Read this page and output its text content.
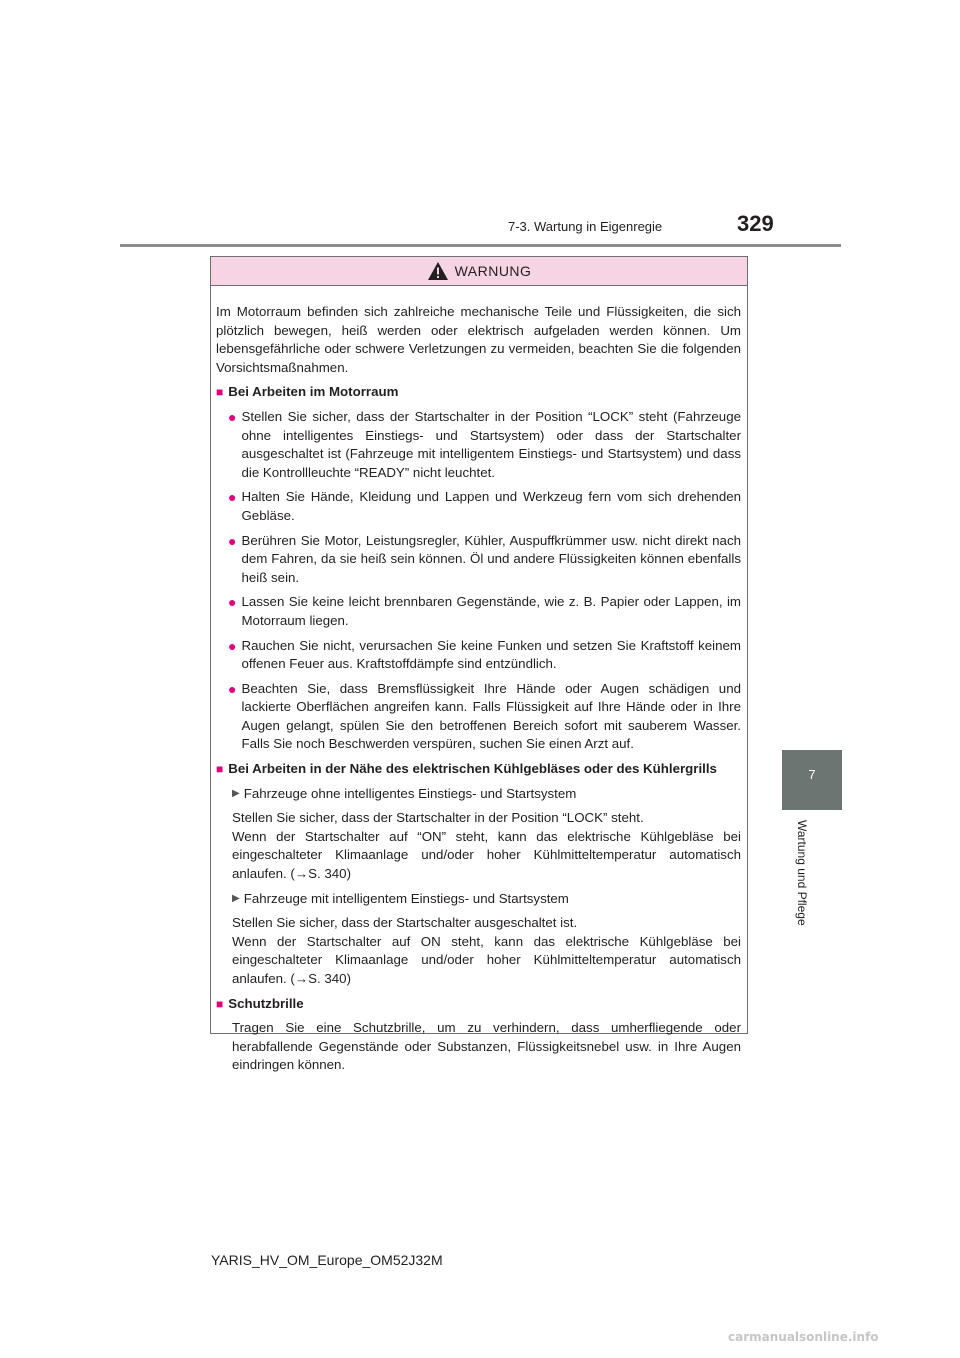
7-3. Wartung in Eigenregie	329
7
Wartung und Pflege
WARNUNG

Im Motorraum befinden sich zahlreiche mechanische Teile und Flüssigkeiten, die sich plötzlich bewegen, heiß werden oder elektrisch aufgeladen werden können. Um lebensgefährliche oder schwere Verletzungen zu vermeiden, beachten Sie die folgenden Vorsichtsmaßnahmen.

■ Bei Arbeiten im Motorraum
● Stellen Sie sicher, dass der Startschalter in der Position “LOCK” steht (Fahrzeuge ohne intelligentes Einstiegs- und Startsystem) oder dass der Startschalter ausgeschaltet ist (Fahrzeuge mit intelligentem Einstiegs- und Startsystem) und dass die Kontrollleuchte “READY” nicht leuchtet.
● Halten Sie Hände, Kleidung und Lappen und Werkzeug fern vom sich drehenden Gebläse.
● Berühren Sie Motor, Leistungsregler, Kühler, Auspuffkrümmer usw. nicht direkt nach dem Fahren, da sie heiß sein können. Öl und andere Flüssigkeiten können ebenfalls heiß sein.
● Lassen Sie keine leicht brennbaren Gegenstände, wie z. B. Papier oder Lappen, im Motorraum liegen.
● Rauchen Sie nicht, verursachen Sie keine Funken und setzen Sie Kraftstoff keinem offenen Feuer aus. Kraftstoffdämpfe sind entzündlich.
● Beachten Sie, dass Bremsflüssigkeit Ihre Hände oder Augen schädigen und lackierte Oberflächen angreifen kann. Falls Flüssigkeit auf Ihre Hände oder in Ihre Augen gelangt, spülen Sie den betroffenen Bereich sofort mit sauberem Wasser. Falls Sie noch Beschwerden verspüren, suchen Sie einen Arzt auf.
■ Bei Arbeiten in der Nähe des elektrischen Kühlgebläses oder des Kühlergrills
▶ Fahrzeuge ohne intelligentes Einstiegs- und Startsystem
Stellen Sie sicher, dass der Startschalter in der Position “LOCK” steht.
Wenn der Startschalter auf “ON” steht, kann das elektrische Kühlgebläse bei eingeschalteter Klimaanlage und/oder hoher Kühlmitteltemperatur automatisch anlaufen. (→S. 340)
▶ Fahrzeuge mit intelligentem Einstiegs- und Startsystem
Stellen Sie sicher, dass der Startschalter ausgeschaltet ist.
Wenn der Startschalter auf ON steht, kann das elektrische Kühlgebläse bei eingeschalteter Klimaanlage und/oder hoher Kühlmitteltemperatur automatisch anlaufen. (→S. 340)
■ Schutzbrille
Tragen Sie eine Schutzbrille, um zu verhindern, dass umherfliegende oder herabfallende Gegenstände oder Substanzen, Flüssigkeitsnebel usw. in Ihre Augen eindringen können.
YARIS_HV_OM_Europe_OM52J32M
carmanualsonline.info
